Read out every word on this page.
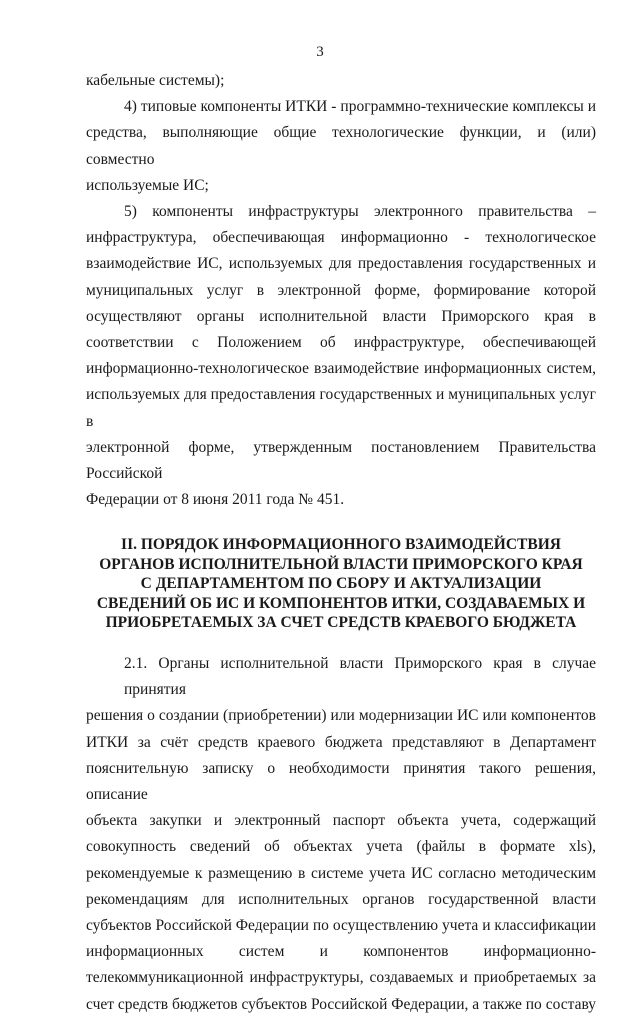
3
кабельные системы);
4) типовые компоненты ИТКИ - программно-технические комплексы и
средства, выполняющие общие технологические функции, и (или) совместно
используемые ИС;
5) компоненты инфраструктуры электронного правительства –
инфраструктура, обеспечивающая информационно - технологическое
взаимодействие ИС, используемых для предоставления государственных и
муниципальных услуг в электронной форме, формирование которой
осуществляют органы исполнительной власти Приморского края в
соответствии с Положением об инфраструктуре, обеспечивающей
информационно-технологическое взаимодействие информационных систем,
используемых для предоставления государственных и муниципальных услуг в
электронной форме, утвержденным постановлением Правительства Российской
Федерации от 8 июня 2011 года № 451.
II. ПОРЯДОК ИНФОРМАЦИОННОГО ВЗАИМОДЕЙСТВИЯ
ОРГАНОВ ИСПОЛНИТЕЛЬНОЙ ВЛАСТИ ПРИМОРСКОГО КРАЯ
С ДЕПАРТАМЕНТОМ ПО СБОРУ И АКТУАЛИЗАЦИИ
СВЕДЕНИЙ ОБ ИС И КОМПОНЕНТОВ ИТКИ, СОЗДАВАЕМЫХ И
ПРИОБРЕТАЕМЫХ ЗА СЧЕТ СРЕДСТВ КРАЕВОГО БЮДЖЕТА
2.1. Органы исполнительной власти Приморского края в случае принятия
решения о создании (приобретении) или модернизации ИС или компонентов
ИТКИ за счёт средств краевого бюджета представляют в Департамент
пояснительную записку о необходимости принятия такого решения, описание
объекта закупки и электронный паспорт объекта учета, содержащий
совокупность сведений об объектах учета (файлы в формате xls),
рекомендуемые к размещению в системе учета ИС согласно методическим
рекомендациям для исполнительных органов государственной власти
субъектов Российской Федерации по осуществлению учета и классификации
информационных систем и компонентов информационно-
телекоммуникационной инфраструктуры, создаваемых и приобретаемых за
счет средств бюджетов субъектов Российской Федерации, а также по составу
